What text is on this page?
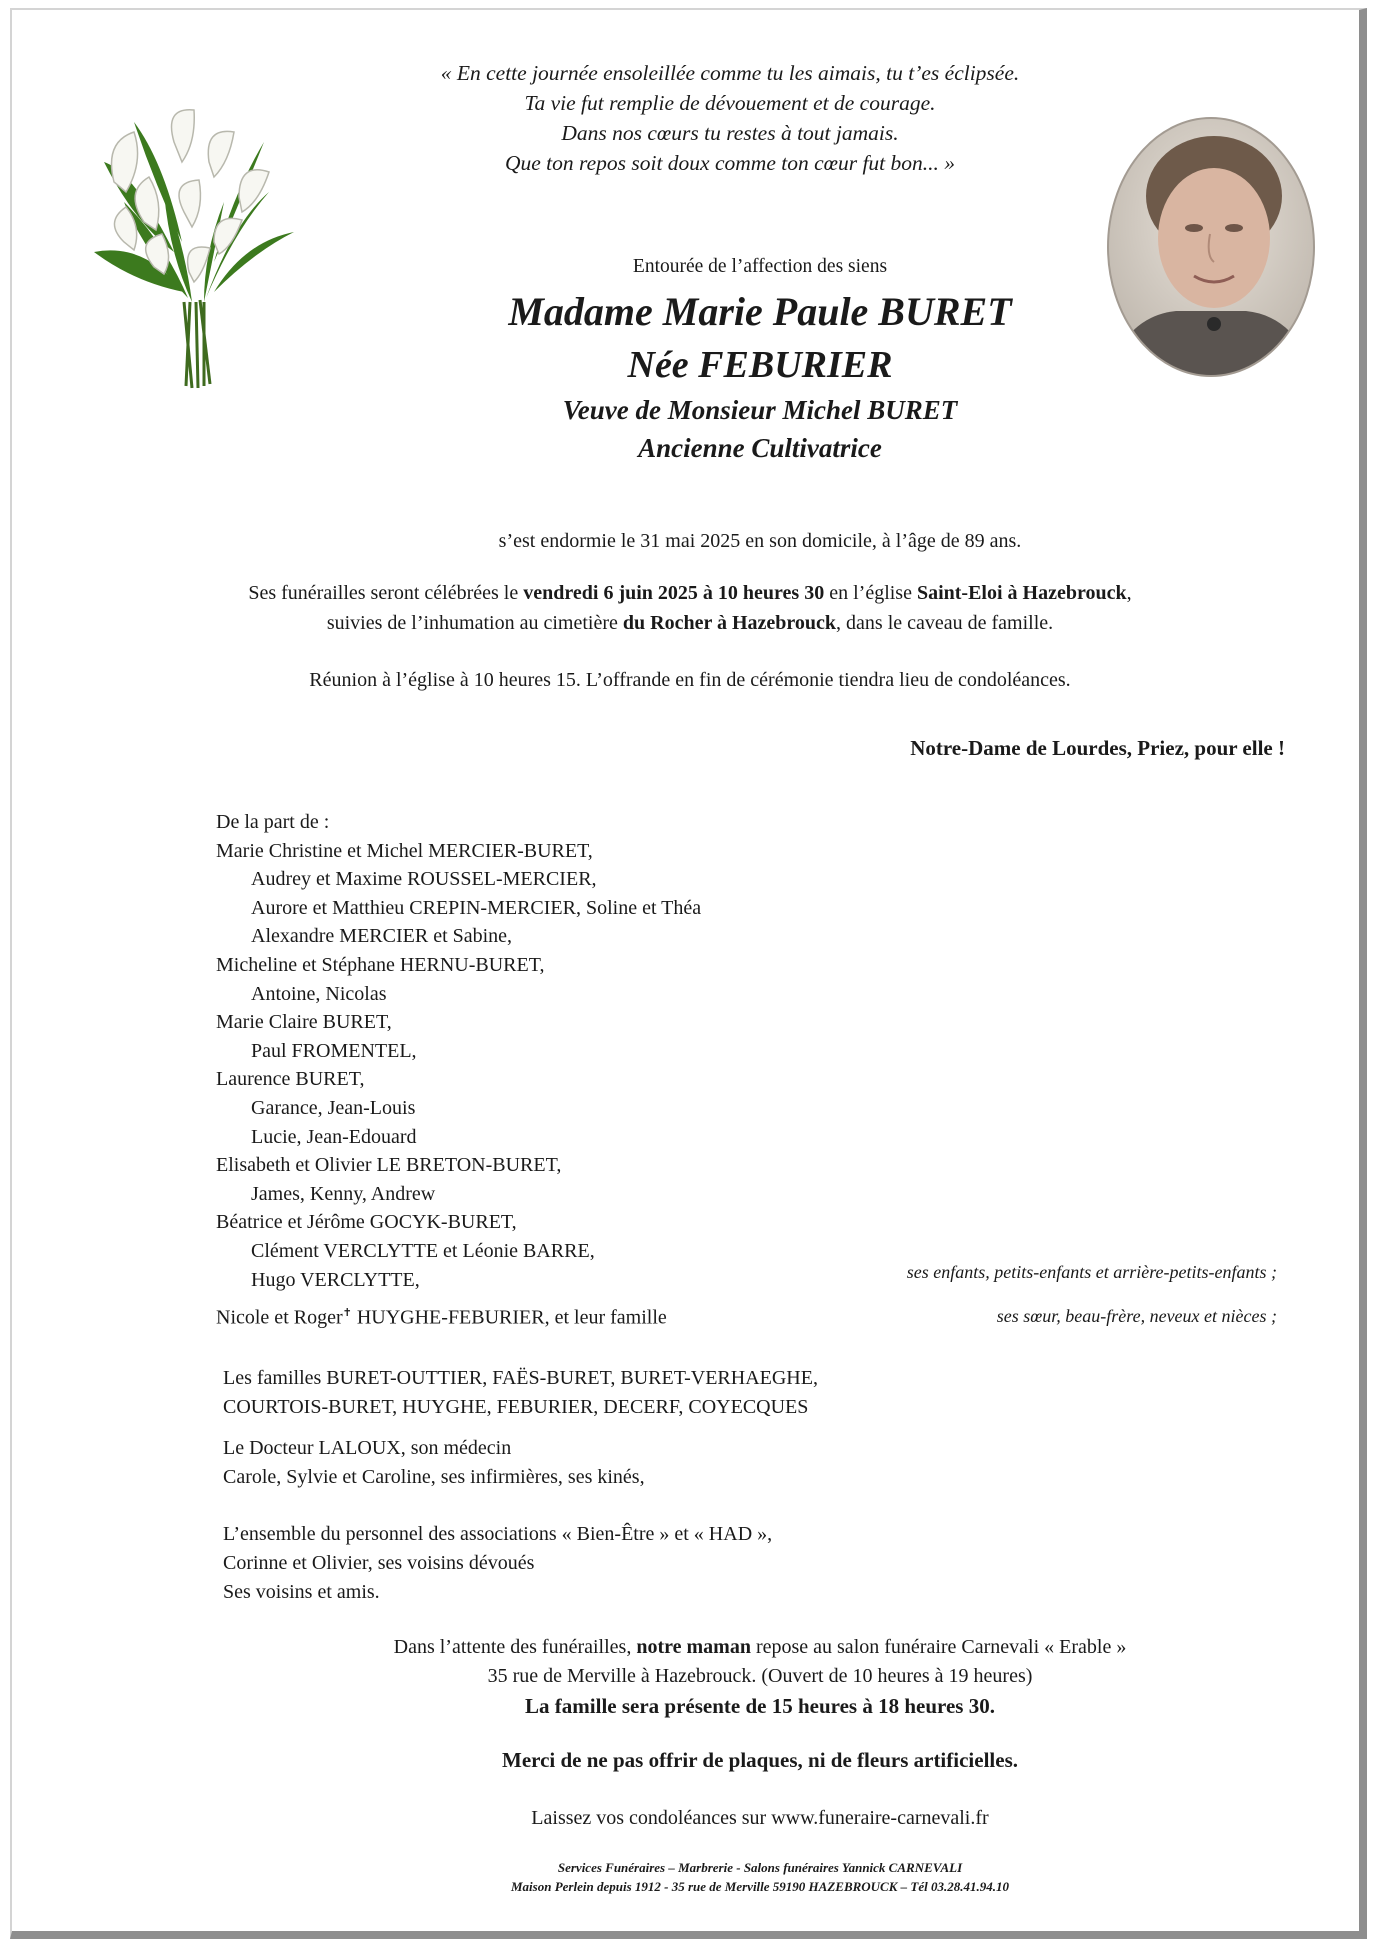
« En cette journée ensoleillée comme tu les aimais, tu t’es éclipsée.
Ta vie fut remplie de dévouement et de courage.
Dans nos cœurs tu restes à tout jamais.
Que ton repos soit doux comme ton cœur fut bon... »
Entourée de l’affection des siens
Madame Marie Paule BURET
Née FEBURIER
Veuve de Monsieur Michel BURET
Ancienne Cultivatrice
s’est endormie le 31 mai 2025 en son domicile, à l’âge de 89 ans.
Ses funérailles seront célébrées le vendredi 6 juin 2025 à 10 heures 30 en l’église Saint-Eloi à Hazebrouck,
suivies de l’inhumation au cimetière du Rocher à Hazebrouck, dans le caveau de famille.
Réunion à l’église à 10 heures 15. L’offrande en fin de cérémonie tiendra lieu de condoléances.
Notre-Dame de Lourdes, Priez, pour elle !
De la part de :
Marie Christine et Michel MERCIER-BURET,
Audrey et Maxime ROUSSEL-MERCIER,
Aurore et Matthieu CREPIN-MERCIER, Soline et Théa
Alexandre MERCIER et Sabine,
Micheline et Stéphane HERNU-BURET,
Antoine, Nicolas
Marie Claire BURET,
Paul FROMENTEL,
Laurence BURET,
Garance, Jean-Louis
Lucie, Jean-Edouard
Elisabeth et Olivier LE BRETON-BURET,
James, Kenny, Andrew
Béatrice et Jérôme GOCYK-BURET,
Clément VERCLYTTE et Léonie BARRE,
Hugo VERCLYTTE,	ses enfants, petits-enfants et arrière-petits-enfants ;
Nicole et Roger✝ HUYGHE-FEBURIER, et leur famille	ses sœur, beau-frère, neveux et nièces ;
Les familles BURET-OUTTIER, FAËS-BURET, BURET-VERHAEGHE,
COURTOIS-BURET, HUYGHE, FEBURIER, DECERF, COYECQUES
Le Docteur LALOUX, son médecin
Carole, Sylvie et Caroline, ses infirmières, ses kinés,
L’ensemble du personnel des associations « Bien-Être » et « HAD »,
Corinne et Olivier, ses voisins dévoués
Ses voisins et amis.
Dans l’attente des funérailles, notre maman repose au salon funéraire Carnevali « Erable »
35 rue de Merville à Hazebrouck. (Ouvert de 10 heures à 19 heures)
La famille sera présente de 15 heures à 18 heures 30.
Merci de ne pas offrir de plaques, ni de fleurs artificielles.
Laissez vos condoléances sur www.funeraire-carnevali.fr
Services Funéraires – Marbrerie - Salons funéraires Yannick CARNEVALI
Maison Perlein depuis 1912 - 35 rue de Merville 59190 HAZEBROUCK – Tél 03.28.41.94.10
